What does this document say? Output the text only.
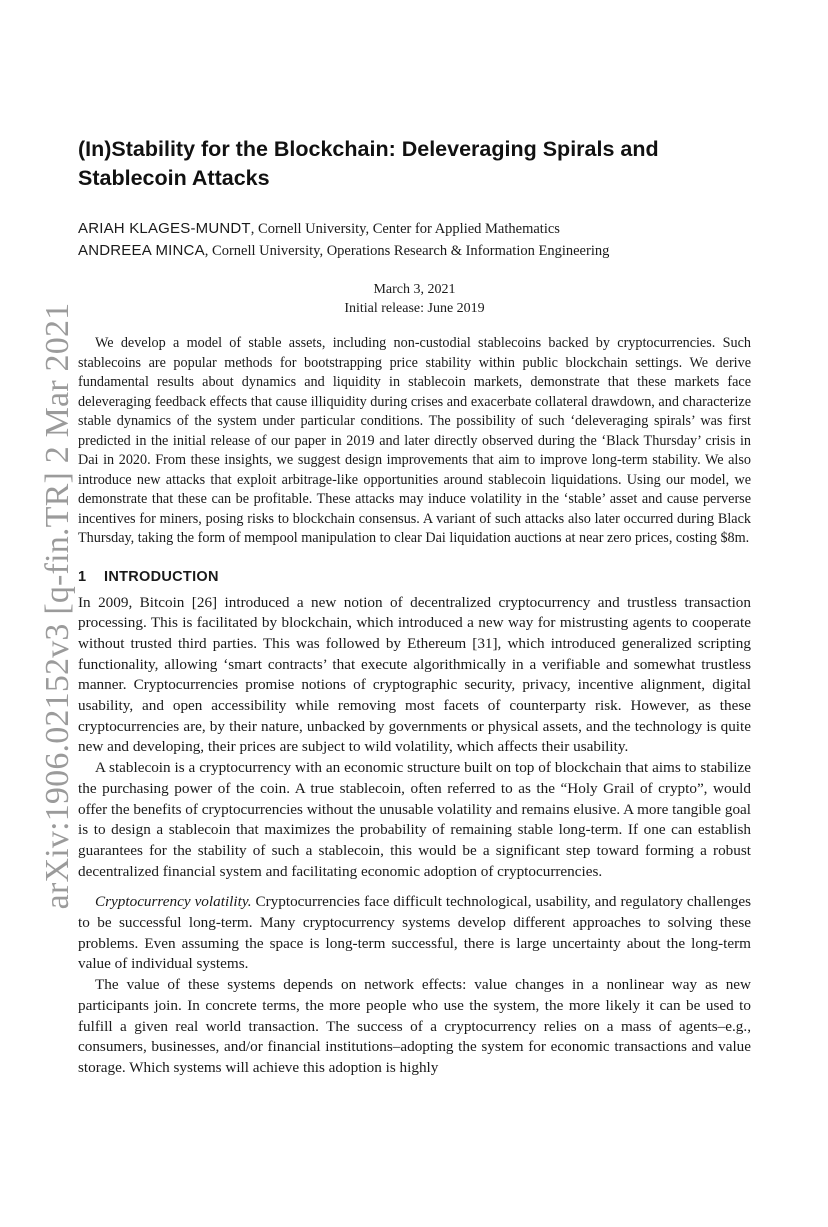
arXiv:1906.02152v3 [q-fin.TR] 2 Mar 2021
(In)Stability for the Blockchain: Deleveraging Spirals and Stablecoin Attacks
ARIAH KLAGES-MUNDT, Cornell University, Center for Applied Mathematics
ANDREEA MINCA, Cornell University, Operations Research & Information Engineering
March 3, 2021
Initial release: June 2019

We develop a model of stable assets, including non-custodial stablecoins backed by cryptocurrencies. Such stablecoins are popular methods for bootstrapping price stability within public blockchain settings. We derive fundamental results about dynamics and liquidity in stablecoin markets, demonstrate that these markets face deleveraging feedback effects that cause illiquidity during crises and exacerbate collateral drawdown, and characterize stable dynamics of the system under particular conditions. The possibility of such ‘deleveraging spirals’ was first predicted in the initial release of our paper in 2019 and later directly observed during the ‘Black Thursday’ crisis in Dai in 2020. From these insights, we suggest design improvements that aim to improve long-term stability. We also introduce new attacks that exploit arbitrage-like opportunities around stablecoin liquidations. Using our model, we demonstrate that these can be profitable. These attacks may induce volatility in the ‘stable’ asset and cause perverse incentives for miners, posing risks to blockchain consensus. A variant of such attacks also later occurred during Black Thursday, taking the form of mempool manipulation to clear Dai liquidation auctions at near zero prices, costing $8m.

1 INTRODUCTION

In 2009, Bitcoin [26] introduced a new notion of decentralized cryptocurrency and trustless transaction processing. This is facilitated by blockchain, which introduced a new way for mistrusting agents to cooperate without trusted third parties. This was followed by Ethereum [31], which introduced generalized scripting functionality, allowing ‘smart contracts’ that execute algorithmically in a verifiable and somewhat trustless manner. Cryptocurrencies promise notions of cryptographic security, privacy, incentive alignment, digital usability, and open accessibility while removing most facets of counterparty risk. However, as these cryptocurrencies are, by their nature, unbacked by governments or physical assets, and the technology is quite new and developing, their prices are subject to wild volatility, which affects their usability.

A stablecoin is a cryptocurrency with an economic structure built on top of blockchain that aims to stabilize the purchasing power of the coin. A true stablecoin, often referred to as the “Holy Grail of crypto”, would offer the benefits of cryptocurrencies without the unusable volatility and remains elusive. A more tangible goal is to design a stablecoin that maximizes the probability of remaining stable long-term. If one can establish guarantees for the stability of such a stablecoin, this would be a significant step toward forming a robust decentralized financial system and facilitating economic adoption of cryptocurrencies.

Cryptocurrency volatility. Cryptocurrencies face difficult technological, usability, and regulatory challenges to be successful long-term. Many cryptocurrency systems develop different approaches to solving these problems. Even assuming the space is long-term successful, there is large uncertainty about the long-term value of individual systems.

The value of these systems depends on network effects: value changes in a nonlinear way as new participants join. In concrete terms, the more people who use the system, the more likely it can be used to fulfill a given real world transaction. The success of a cryptocurrency relies on a mass of agents–e.g., consumers, businesses, and/or financial institutions–adopting the system for economic transactions and value storage. Which systems will achieve this adoption is highly
